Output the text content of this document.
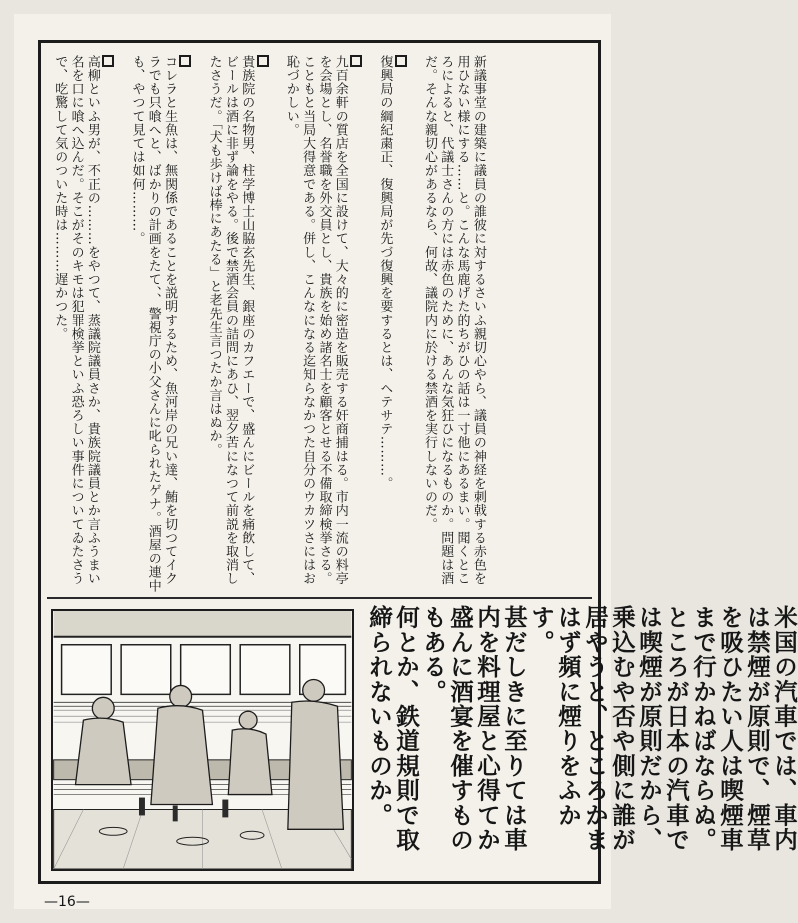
新議事堂の建築に議員の誰彼に対するさいふ親切心やら、議員の神経を刺戟する赤色を用ひない様にする……と。こんな馬鹿げた的ちがひの話は一寸他にあるまい。聞くところによると、代議士さんの方には赤色のために、あんな気狂ひになるものか。問題は酒だ。そんな親切心があるなら、何故、議院内に於ける禁酒を実行しないのだ。

復興局の綱紀粛正、復興局が先づ復興を要するとは、ヘテサテ………。

九百余軒の質店を全国に設けて、大々的に密造を販売する奸商捕はる。市内一流の料亭を会場とし、名誉職を外交員とし、貴族を始め諸名士を顧客とせる不備取締検挙さる。こともと当局大得意である。併し、こんなになる迄知らなかつた自分のウカツさにはお恥づかしい。

貴族院の名物男、柱学博士山脇玄先生、銀座のカフエーで、盛んにビールを痛飲して、ビールは酒に非ず論をやる。後で禁酒会員の詰問にあひ、翌夕苦になつて前説を取消したさうだ。「犬も歩けば棒にあたる」と老先生言つたか言はぬか。

コレラと生魚は、無関係であることを説明するため、魚河岸の兄い達、鮪を切つてイクラでも只喰へと、ばかりの計画をたて、、警視庁の小父さんに叱られたゲナ。酒屋の連中も、やつて見ては如何………。

高柳といふ男が、不正の………をやつて、蒸議院議員さか、貴族院議員とか言ふうまい名を口に喰へ込んだ。そこがそのキモは犯罪検挙といふ恐ろしい事件についてゐたさうで、吃驚して気のついた時は………遅かつた。

米国の汽車では、車内は禁煙が原則で、煙草を吸ひたい人は喫煙車まで行かねばならぬ。

ところが日本の汽車では喫煙が原則だから、乗込むや否や側に誰が居やうと、ところかまはず頻に煙りをふかす。

甚だしきに至りては車内を料理屋と心得てか盛んに酒宴を催すものもある。

何とか、鉄道規則で取締られないものか。

—16—
